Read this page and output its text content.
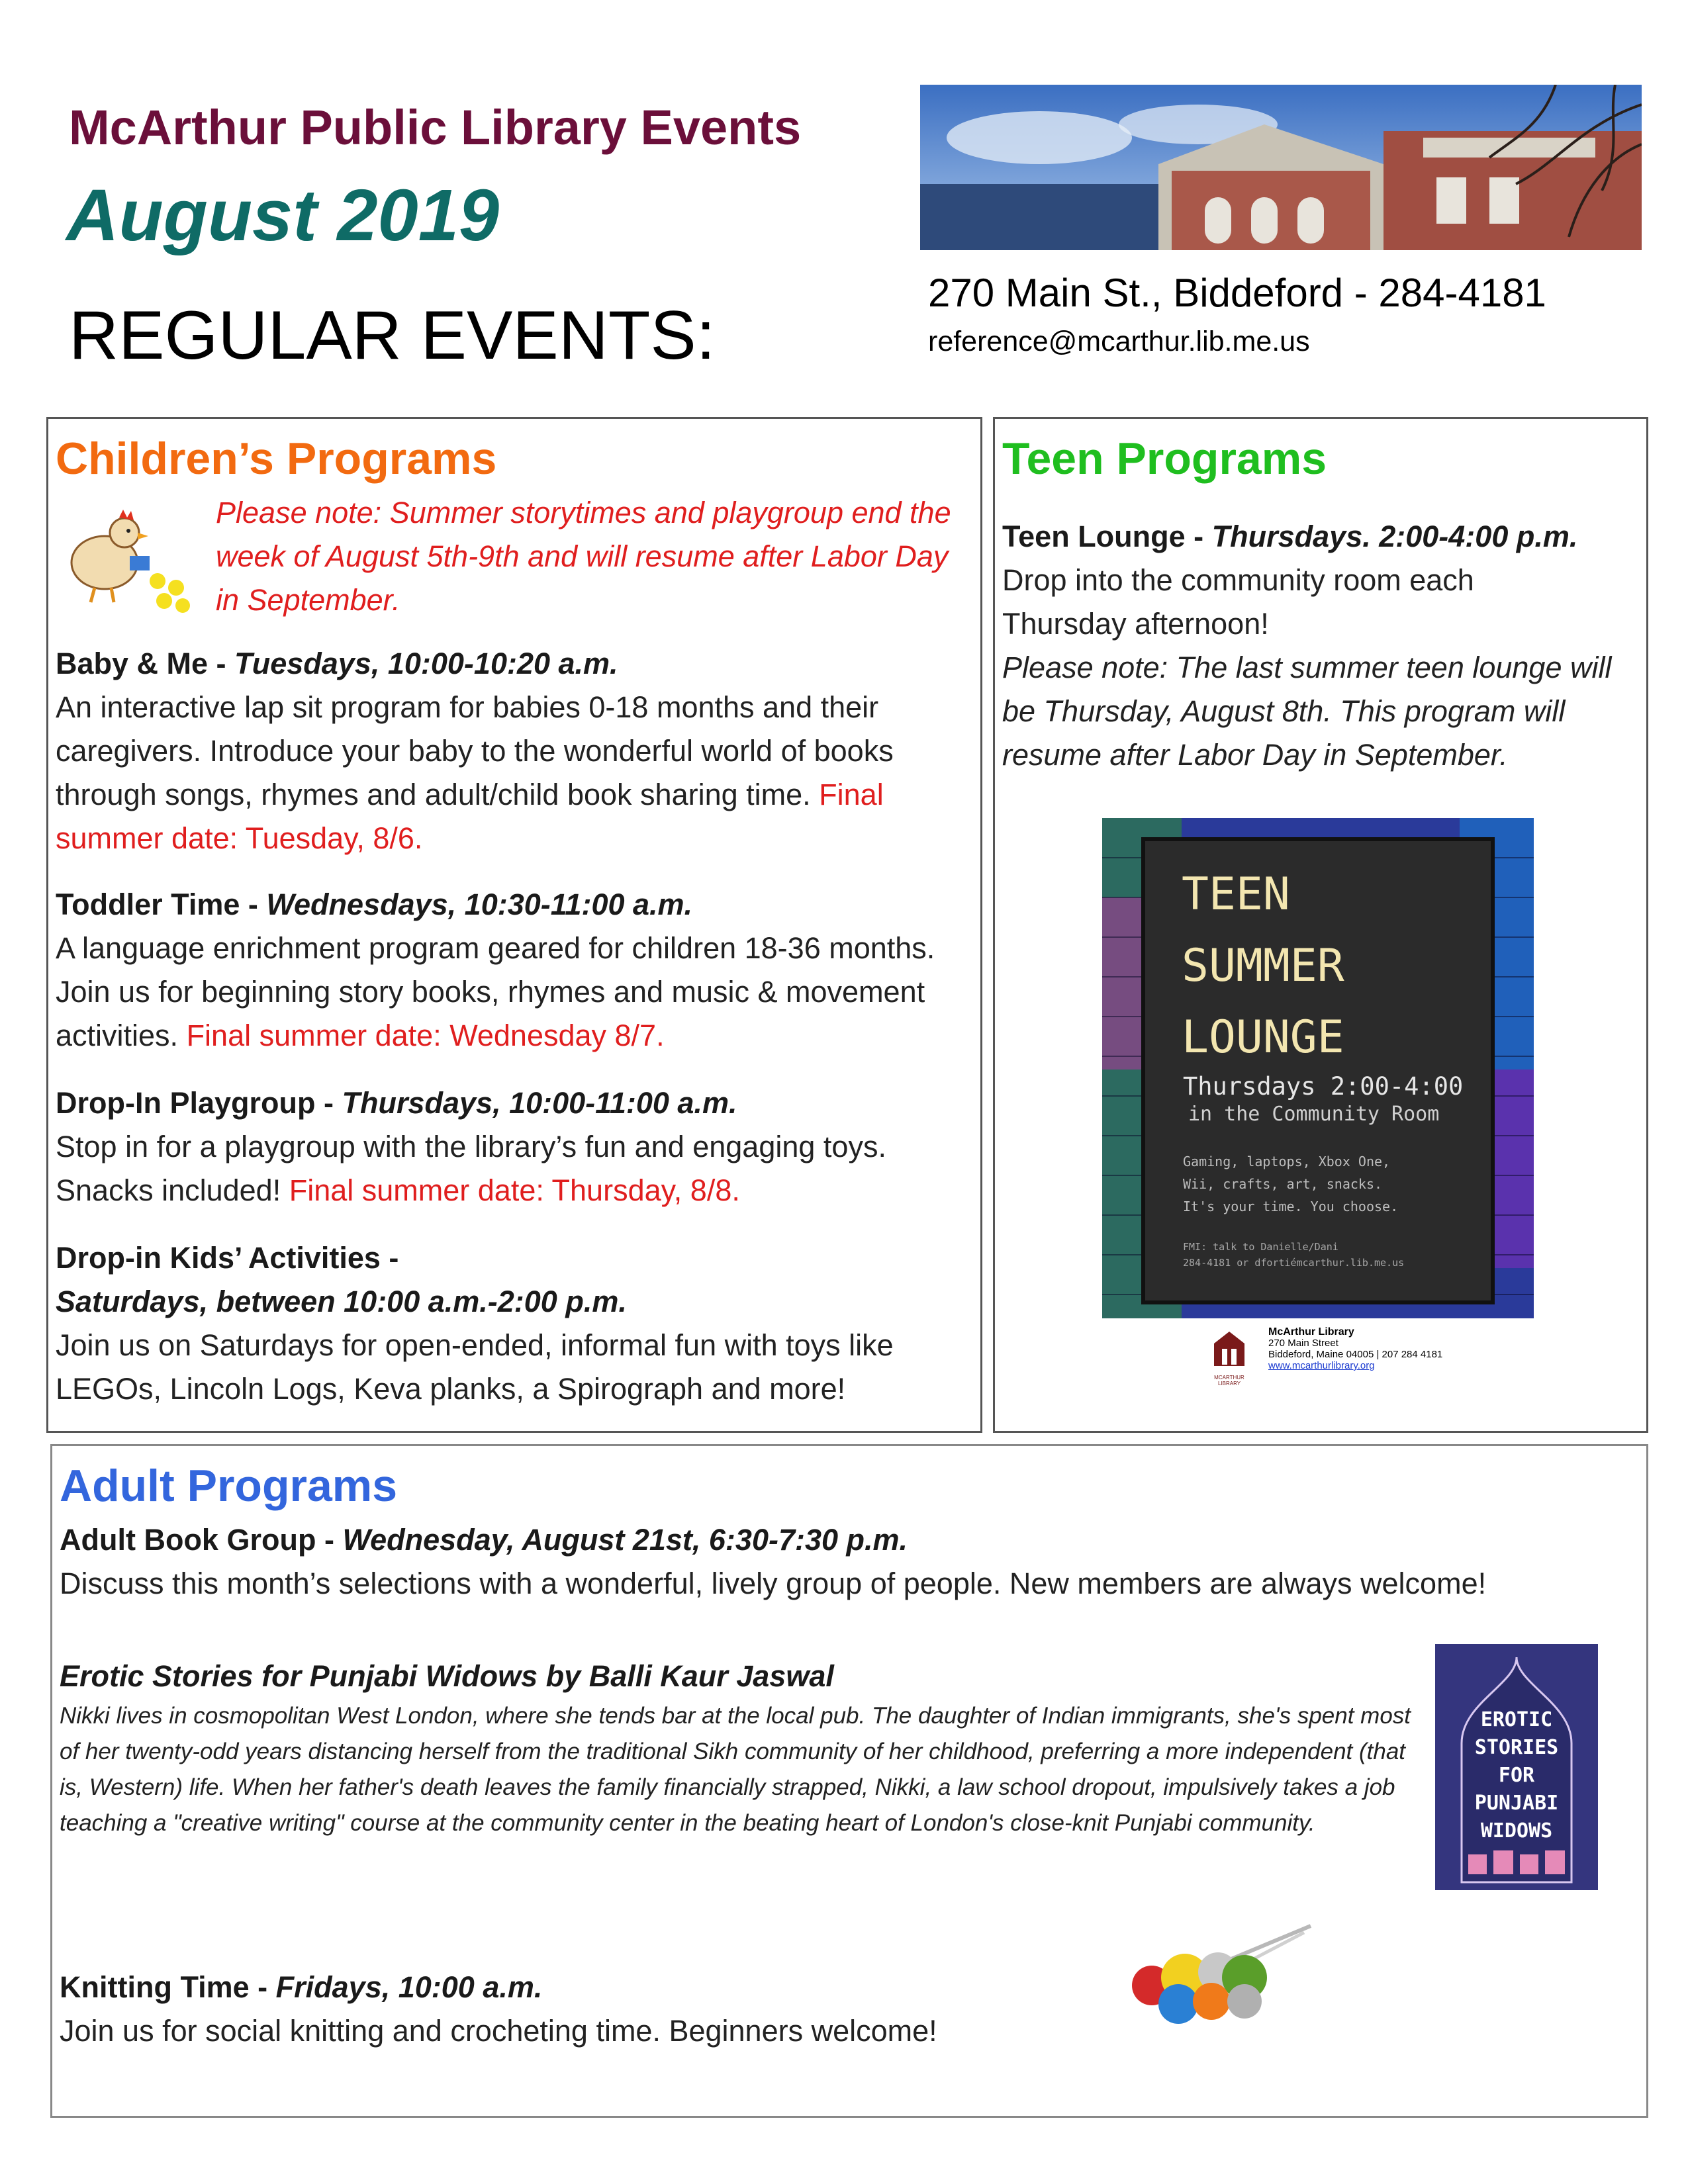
McArthur Public Library Events
August 2019
REGULAR EVENTS:
270 Main St., Biddeford - 284-4181
reference@mcarthur.lib.me.us
Children’s Programs
Please note: Summer storytimes and playgroup end the week of August 5th-9th and will resume after Labor Day in September.
Baby & Me - Tuesdays, 10:00-10:20 a.m.
An interactive lap sit program for babies 0-18 months and their caregivers. Introduce your baby to the wonderful world of books through songs, rhymes and adult/child book sharing time. Final summer date: Tuesday, 8/6.
Toddler Time - Wednesdays, 10:30-11:00 a.m.
A language enrichment program geared for children 18-36 months. Join us for beginning story books, rhymes and music & movement activities. Final summer date: Wednesday 8/7.
Drop-In Playgroup - Thursdays, 10:00-11:00 a.m.
Stop in for a playgroup with the library’s fun and engaging toys. Snacks included! Final summer date: Thursday, 8/8.
Drop-in Kids’ Activities -
Saturdays, between 10:00 a.m.-2:00 p.m.
Join us on Saturdays for open-ended, informal fun with toys like LEGOs, Lincoln Logs, Keva planks, a Spirograph and more!
Teen Programs
Teen Lounge - Thursdays. 2:00-4:00 p.m.
Drop into the community room each Thursday afternoon!
Please note: The last summer teen lounge will be Thursday, August 8th. This program will resume after Labor Day in September.
TEEN
SUMMER
LOUNGE
Thursdays 2:00-4:00
in the Community Room
Gaming, laptops, Xbox One,
Wii, crafts, art, snacks.
It's your time. You choose.
FMI: talk to Danielle/Dani
284-4181 or dfortiémcarthur.lib.me.us
MCARTHUR LIBRARY
McArthur Library
270 Main Street
Biddeford, Maine 04005 | 207 284 4181
www.mcarthurlibrary.org
Adult Programs
Adult Book Group - Wednesday, August 21st, 6:30-7:30 p.m.
Discuss this month’s selections with a wonderful, lively group of people. New members are always welcome!
Erotic Stories for Punjabi Widows by Balli Kaur Jaswal
Nikki lives in cosmopolitan West London, where she tends bar at the local pub. The daughter of Indian immigrants, she's spent most of her twenty-odd years distancing herself from the traditional Sikh community of her childhood, preferring a more independent (that is, Western) life. When her father's death leaves the family financially strapped, Nikki, a law school dropout, impulsively takes a job teaching a "creative writing" course at the community center in the beating heart of London's close-knit Punjabi community.
EROTIC
STORIES
FOR
PUNJABI
WIDOWS
Knitting Time - Fridays, 10:00 a.m.
Join us for social knitting and crocheting time. Beginners welcome!
